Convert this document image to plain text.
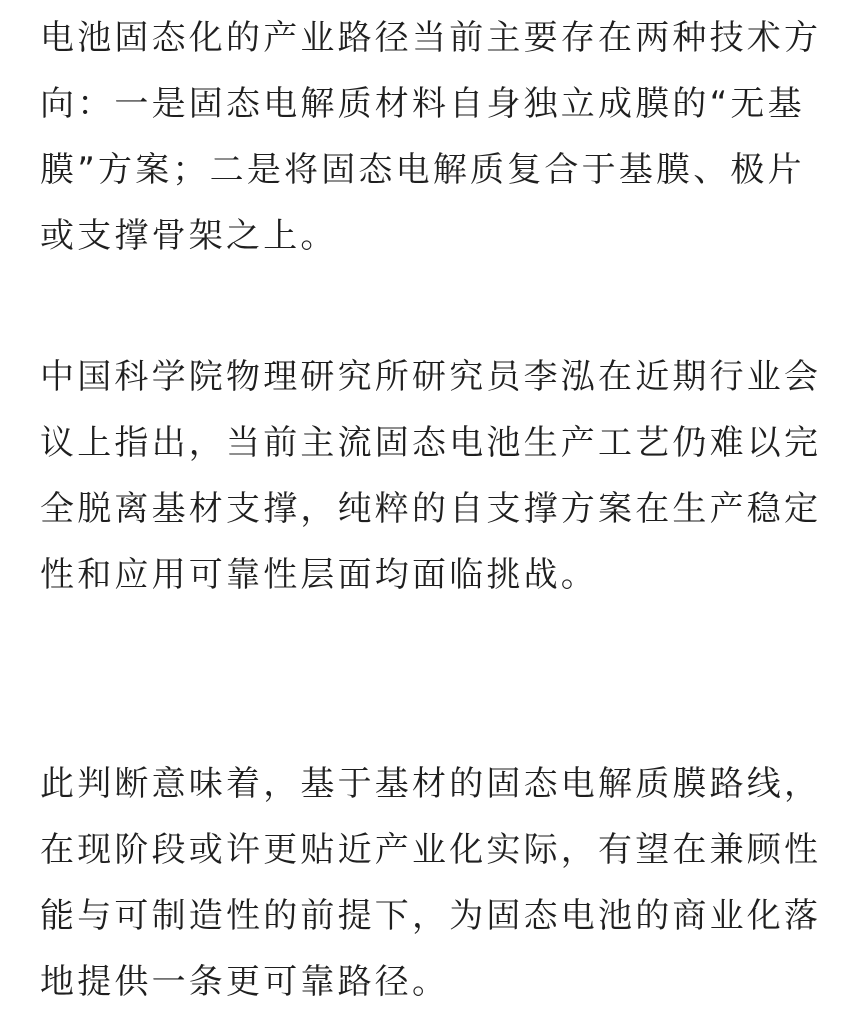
电池固态化的产业路径当前主要存在两种技术方向：一是固态电解质材料自身独立成膜的“无基膜”方案；二是将固态电解质复合于基膜、极片或支撑骨架之上。

中国科学院物理研究所研究员李泓在近期行业会议上指出，当前主流固态电池生产工艺仍难以完全脱离基材支撑，纯粹的自支撑方案在生产稳定性和应用可靠性层面均面临挑战。

此判断意味着，基于基材的固态电解质膜路线，在现阶段或许更贴近产业化实际，有望在兼顾性能与可制造性的前提下，为固态电池的商业化落地提供一条更可靠路径。
